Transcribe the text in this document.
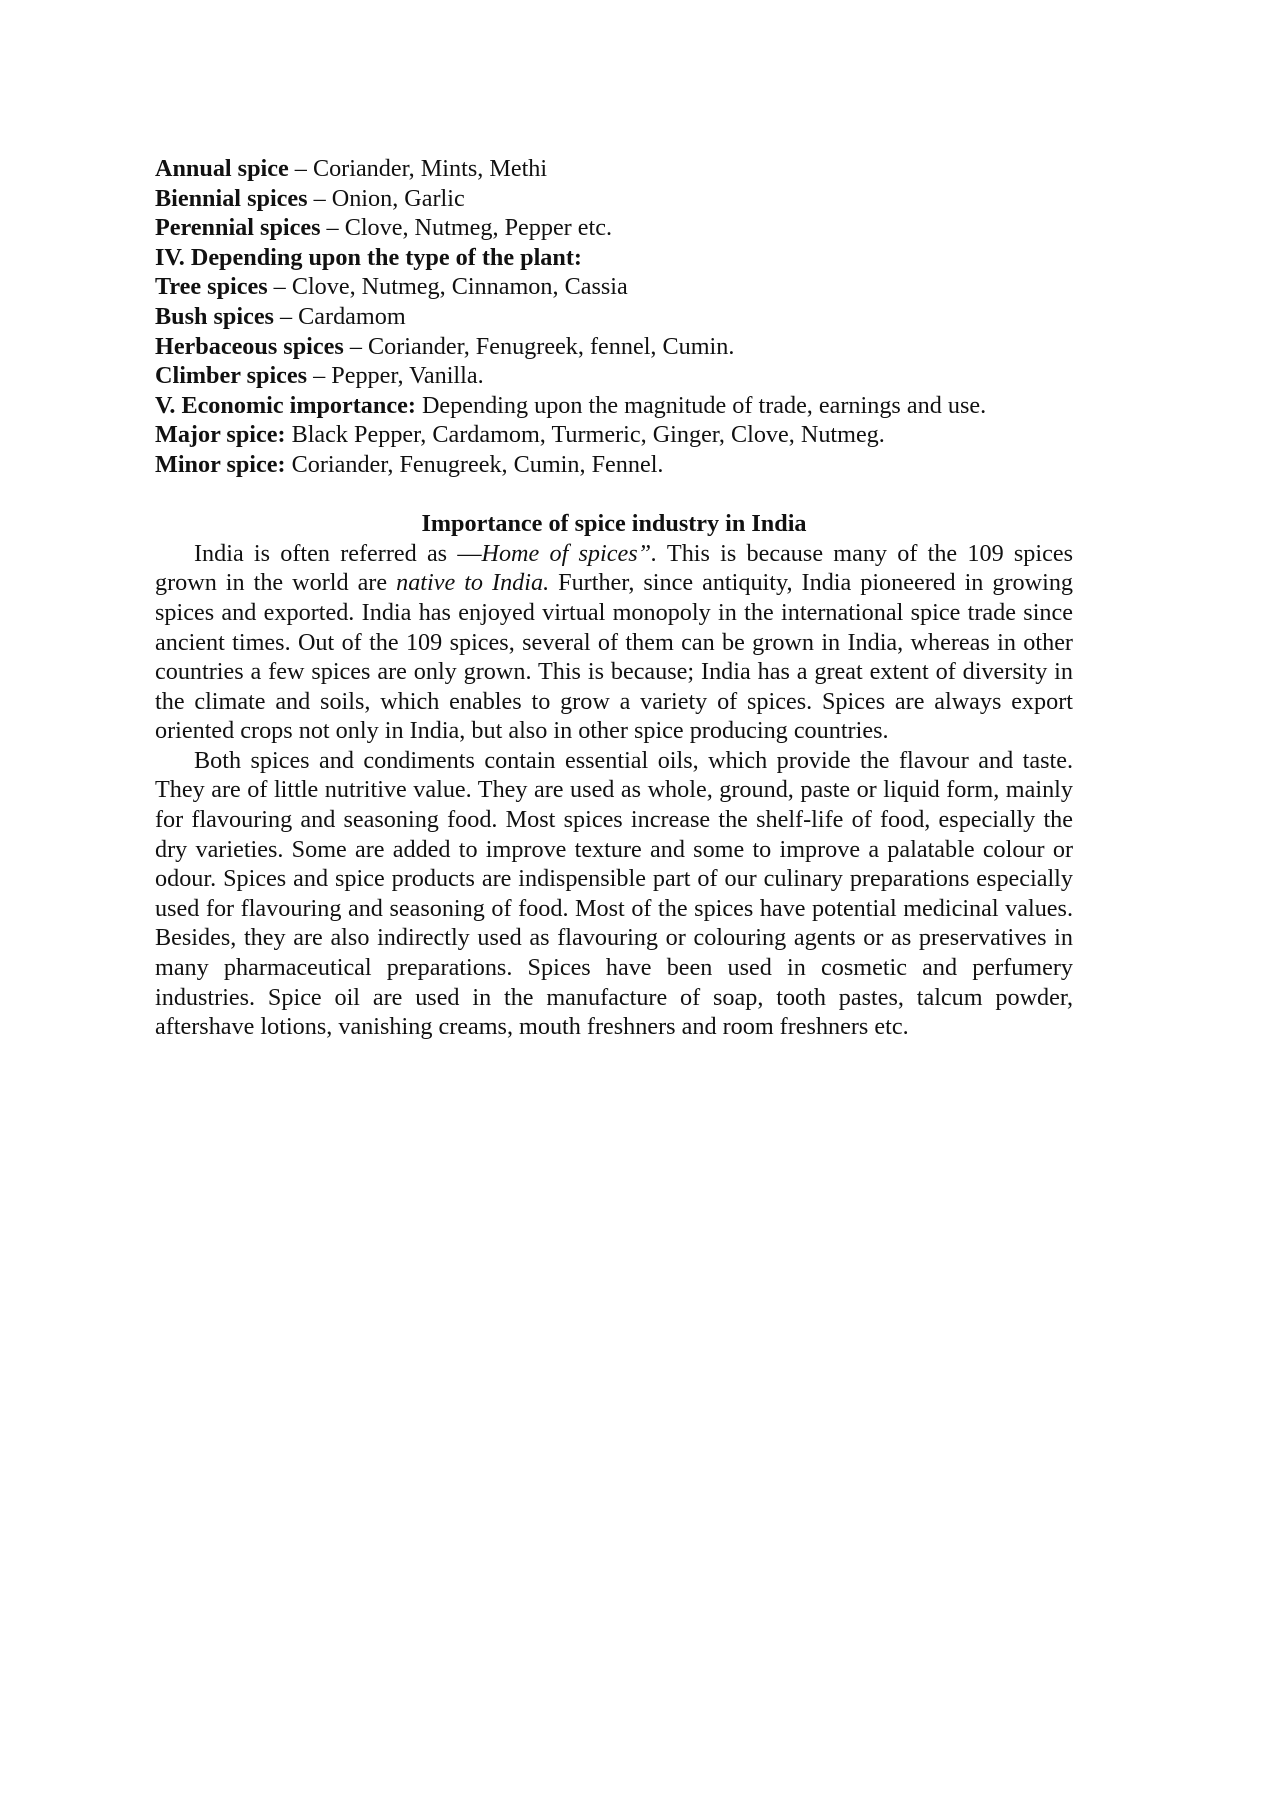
Annual spice – Coriander, Mints, Methi
Biennial spices – Onion, Garlic
Perennial spices – Clove, Nutmeg, Pepper etc.
IV. Depending upon the type of the plant:
Tree spices – Clove, Nutmeg, Cinnamon, Cassia
Bush spices – Cardamom
Herbaceous spices – Coriander, Fenugreek, fennel, Cumin.
Climber spices – Pepper, Vanilla.
V. Economic importance: Depending upon the magnitude of trade, earnings and use.
Major spice: Black Pepper, Cardamom, Turmeric, Ginger, Clove, Nutmeg.
Minor spice: Coriander, Fenugreek, Cumin, Fennel.
Importance of spice industry in India

India is often referred as ―Home of spices”. This is because many of the 109 spices grown in the world are native to India. Further, since antiquity, India pioneered in growing spices and exported. India has enjoyed virtual monopoly in the international spice trade since ancient times. Out of the 109 spices, several of them can be grown in India, whereas in other countries a few spices are only grown. This is because; India has a great extent of diversity in the climate and soils, which enables to grow a variety of spices. Spices are always export oriented crops not only in India, but also in other spice producing countries.

Both spices and condiments contain essential oils, which provide the flavour and taste. They are of little nutritive value. They are used as whole, ground, paste or liquid form, mainly for flavouring and seasoning food. Most spices increase the shelf-life of food, especially the dry varieties. Some are added to improve texture and some to improve a palatable colour or odour. Spices and spice products are indispensible part of our culinary preparations especially used for flavouring and seasoning of food. Most of the spices have potential medicinal values. Besides, they are also indirectly used as flavouring or colouring agents or as preservatives in many pharmaceutical preparations. Spices have been used in cosmetic and perfumery industries. Spice oil are used in the manufacture of soap, tooth pastes, talcum powder, aftershave lotions, vanishing creams, mouth freshners and room freshners etc.
